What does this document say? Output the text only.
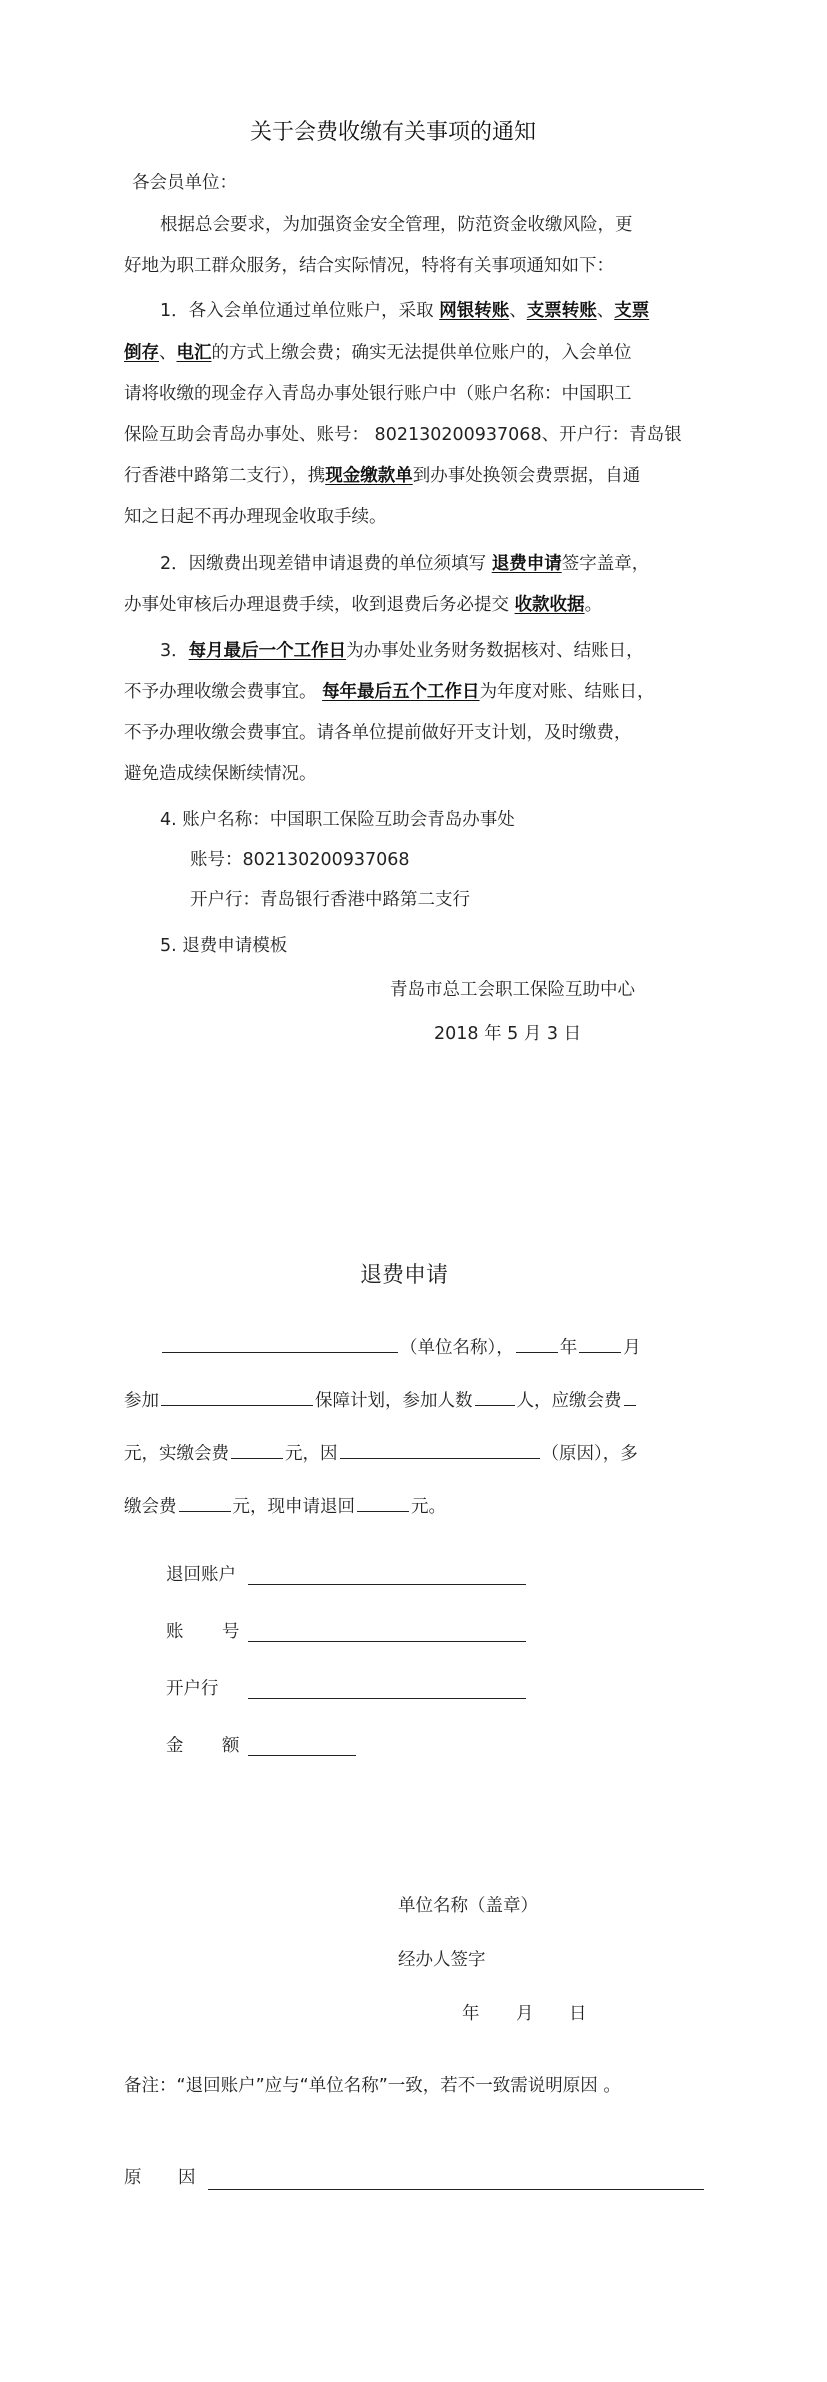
关于会费收缴有关事项的通知
各会员单位：
根据总会要求，为加强资金安全管理，防范资金收缴风险，更
好地为职工群众服务，结合实际情况，特将有关事项通知如下：
1．各入会单位通过单位账户，采取 网银转账、支票转账、支票
倒存、电汇的方式上缴会费；确实无法提供单位账户的，入会单位
请将收缴的现金存入青岛办事处银行账户中（账户名称：中国职工
保险互助会青岛办事处、账号： 802130200937068、开户行：青岛银
行香港中路第二支行），携现金缴款单到办事处换领会费票据，自通
知之日起不再办理现金收取手续。
2．因缴费出现差错申请退费的单位须填写 退费申请签字盖章，
办事处审核后办理退费手续，收到退费后务必提交 收款收据。
3．每月最后一个工作日为办事处业务财务数据核对、结账日，
不予办理收缴会费事宜。 每年最后五个工作日为年度对账、结账日，
不予办理收缴会费事宜。请各单位提前做好开支计划，及时缴费，
避免造成续保断续情况。
4. 账户名称：中国职工保险互助会青岛办事处
账号：802130200937068
开户行：青岛银行香港中路第二支行
5. 退费申请模板
青岛市总工会职工保险互助中心
2018 年 5 月 3 日
退费申请
（单位名称），	年	月
参加	保障计划，参加人数	人，应缴会费
元，实缴会费	元，因	（原因），多
缴会费	元，现申请退回	元。
退回账户
账 号
开户行
金 额
单位名称（盖章）
经办人签字
年 月 日
备注：“退回账户”应与“单位名称”一致，若不一致需说明原因 。
原 因
